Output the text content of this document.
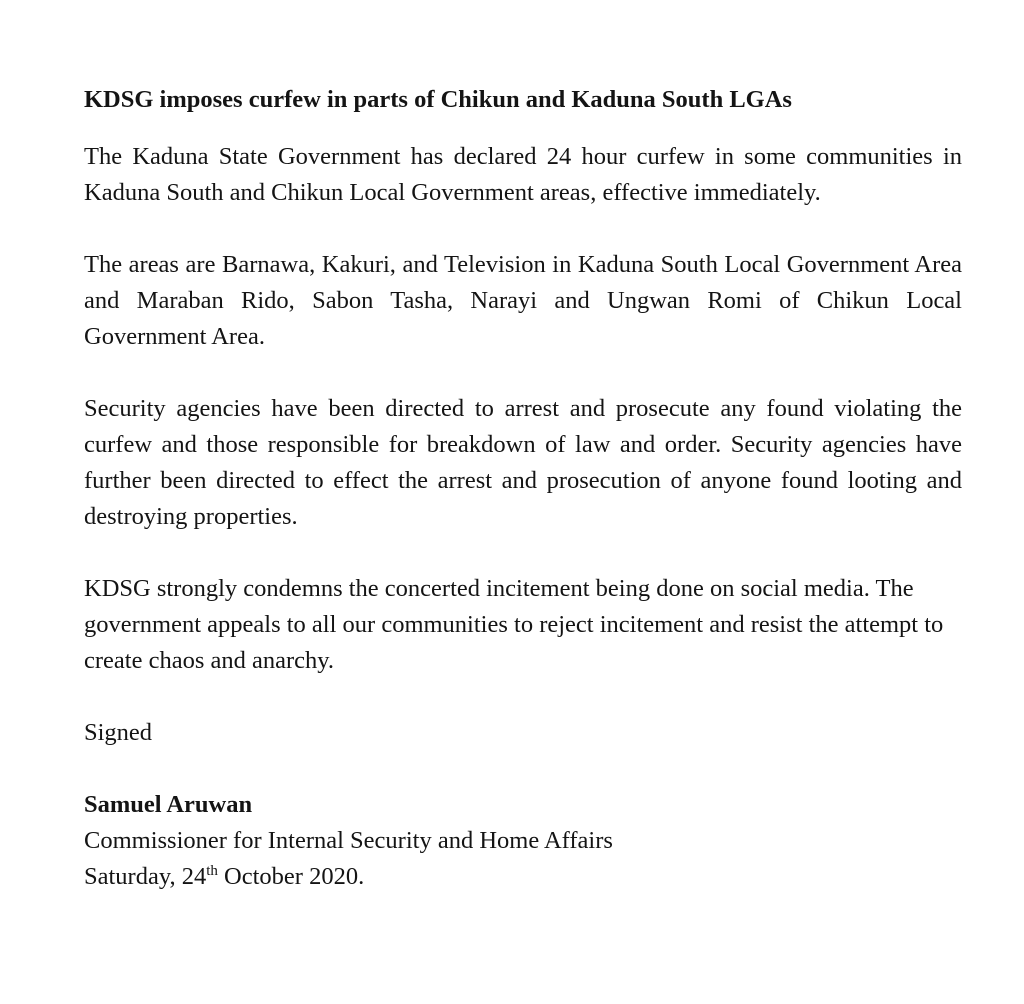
KDSG imposes curfew in parts of Chikun and Kaduna South LGAs

The Kaduna State Government has declared 24 hour curfew in some communities in Kaduna South and Chikun Local Government areas, effective immediately.

The areas are Barnawa, Kakuri, and Television in Kaduna South Local Government Area and Maraban Rido, Sabon Tasha, Narayi and Ungwan Romi of Chikun Local Government Area.

Security agencies have been directed to arrest and prosecute any found violating the curfew and those responsible for breakdown of law and order. Security agencies have further been directed to effect the arrest and prosecution of anyone found looting and destroying properties.

KDSG strongly condemns the concerted incitement being done on social media. The government appeals to all our communities to reject incitement and resist the attempt to create chaos and anarchy.

Signed

Samuel Aruwan

Commissioner for Internal Security and Home Affairs

Saturday, 24th October 2020.
